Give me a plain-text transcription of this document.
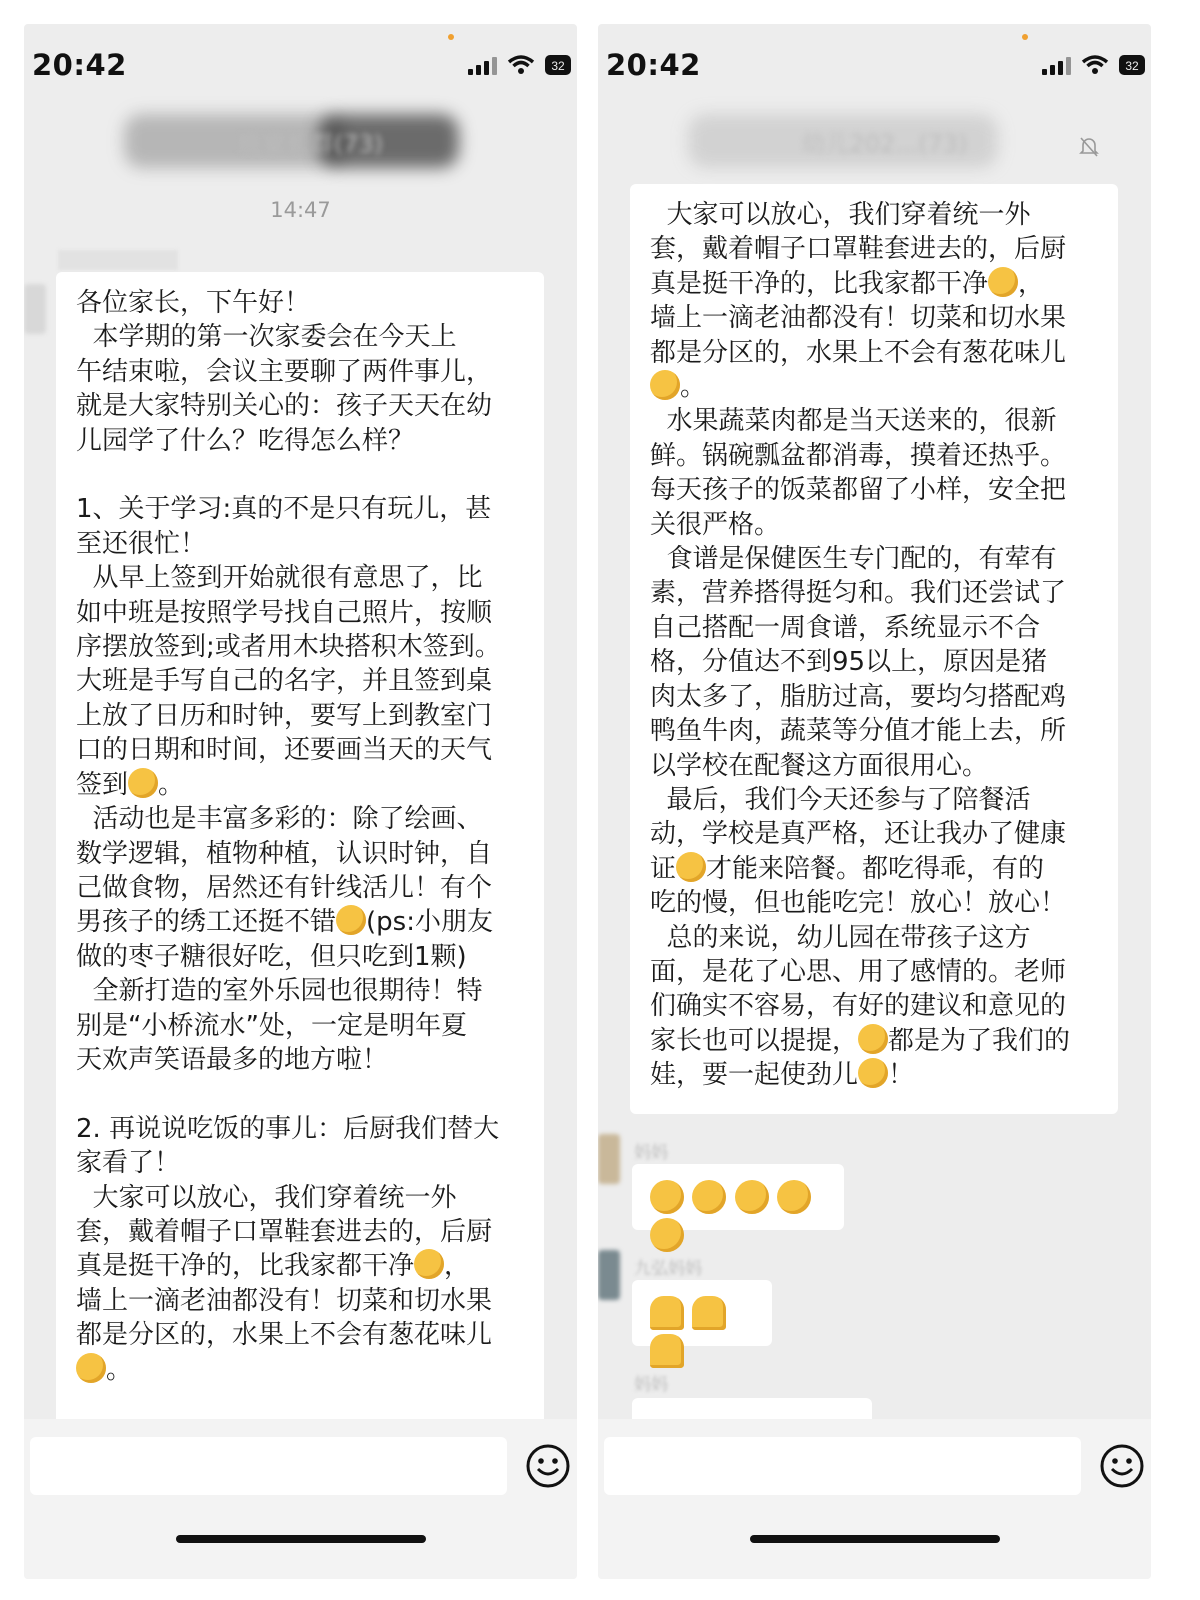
20:42	32
班家长群(73)
14:47

各位家长，下午好！

本学期的第一次家委会在今天上

午结束啦，会议主要聊了两件事儿，

就是大家特别关心的：孩子天天在幼

儿园学了什么？吃得怎么样？

1、关于学习:真的不是只有玩儿，甚

至还很忙！

从早上签到开始就很有意思了，比

如中班是按照学号找自己照片，按顺

序摆放签到;或者用木块搭积木签到。

大班是手写自己的名字，并且签到桌

上放了日历和时钟，要写上到教室门

口的日期和时间，还要画当天的天气

签到 。

活动也是丰富多彩的：除了绘画、

数学逻辑，植物种植，认识时钟，自

己做食物，居然还有针线活儿！有个

男孩子的绣工还挺不错 (ps:小朋友

做的枣子糖很好吃，但只吃到1颗)

全新打造的室外乐园也很期待！特

别是“小桥流水”处，一定是明年夏

天欢声笑语最多的地方啦！

2. 再说说吃饭的事儿：后厨我们替大

家看了！

大家可以放心，我们穿着统一外

套，戴着帽子口罩鞋套进去的，后厨

真是挺干净的，比我家都干净 ，

墙上一滴老油都没有！切菜和切水果

都是分区的，水果上不会有葱花味儿

。

20:42	32
幼儿202...(73)

大家可以放心，我们穿着统一外

套，戴着帽子口罩鞋套进去的，后厨

真是挺干净的，比我家都干净 ，

墙上一滴老油都没有！切菜和切水果

都是分区的，水果上不会有葱花味儿

。

水果蔬菜肉都是当天送来的，很新

鲜。锅碗瓢盆都消毒，摸着还热乎。

每天孩子的饭菜都留了小样，安全把

关很严格。

食谱是保健医生专门配的，有荤有

素，营养搭得挺匀和。我们还尝试了

自己搭配一周食谱，系统显示不合

格，分值达不到95以上，原因是猪

肉太多了，脂肪过高，要均匀搭配鸡

鸭鱼牛肉，蔬菜等分值才能上去，所

以学校在配餐这方面很用心。

最后，我们今天还参与了陪餐活

动，学校是真严格，还让我办了健康

证 才能来陪餐。都吃得乖，有的

吃的慢，但也能吃完！放心！放心！

总的来说，幼儿园在带孩子这方

面，是花了心思、用了感情的。老师

们确实不容易，有好的建议和意见的

家长也可以提提， 都是为了我们的

娃，要一起使劲儿 ！

妈妈

九弘妈妈

妈妈
